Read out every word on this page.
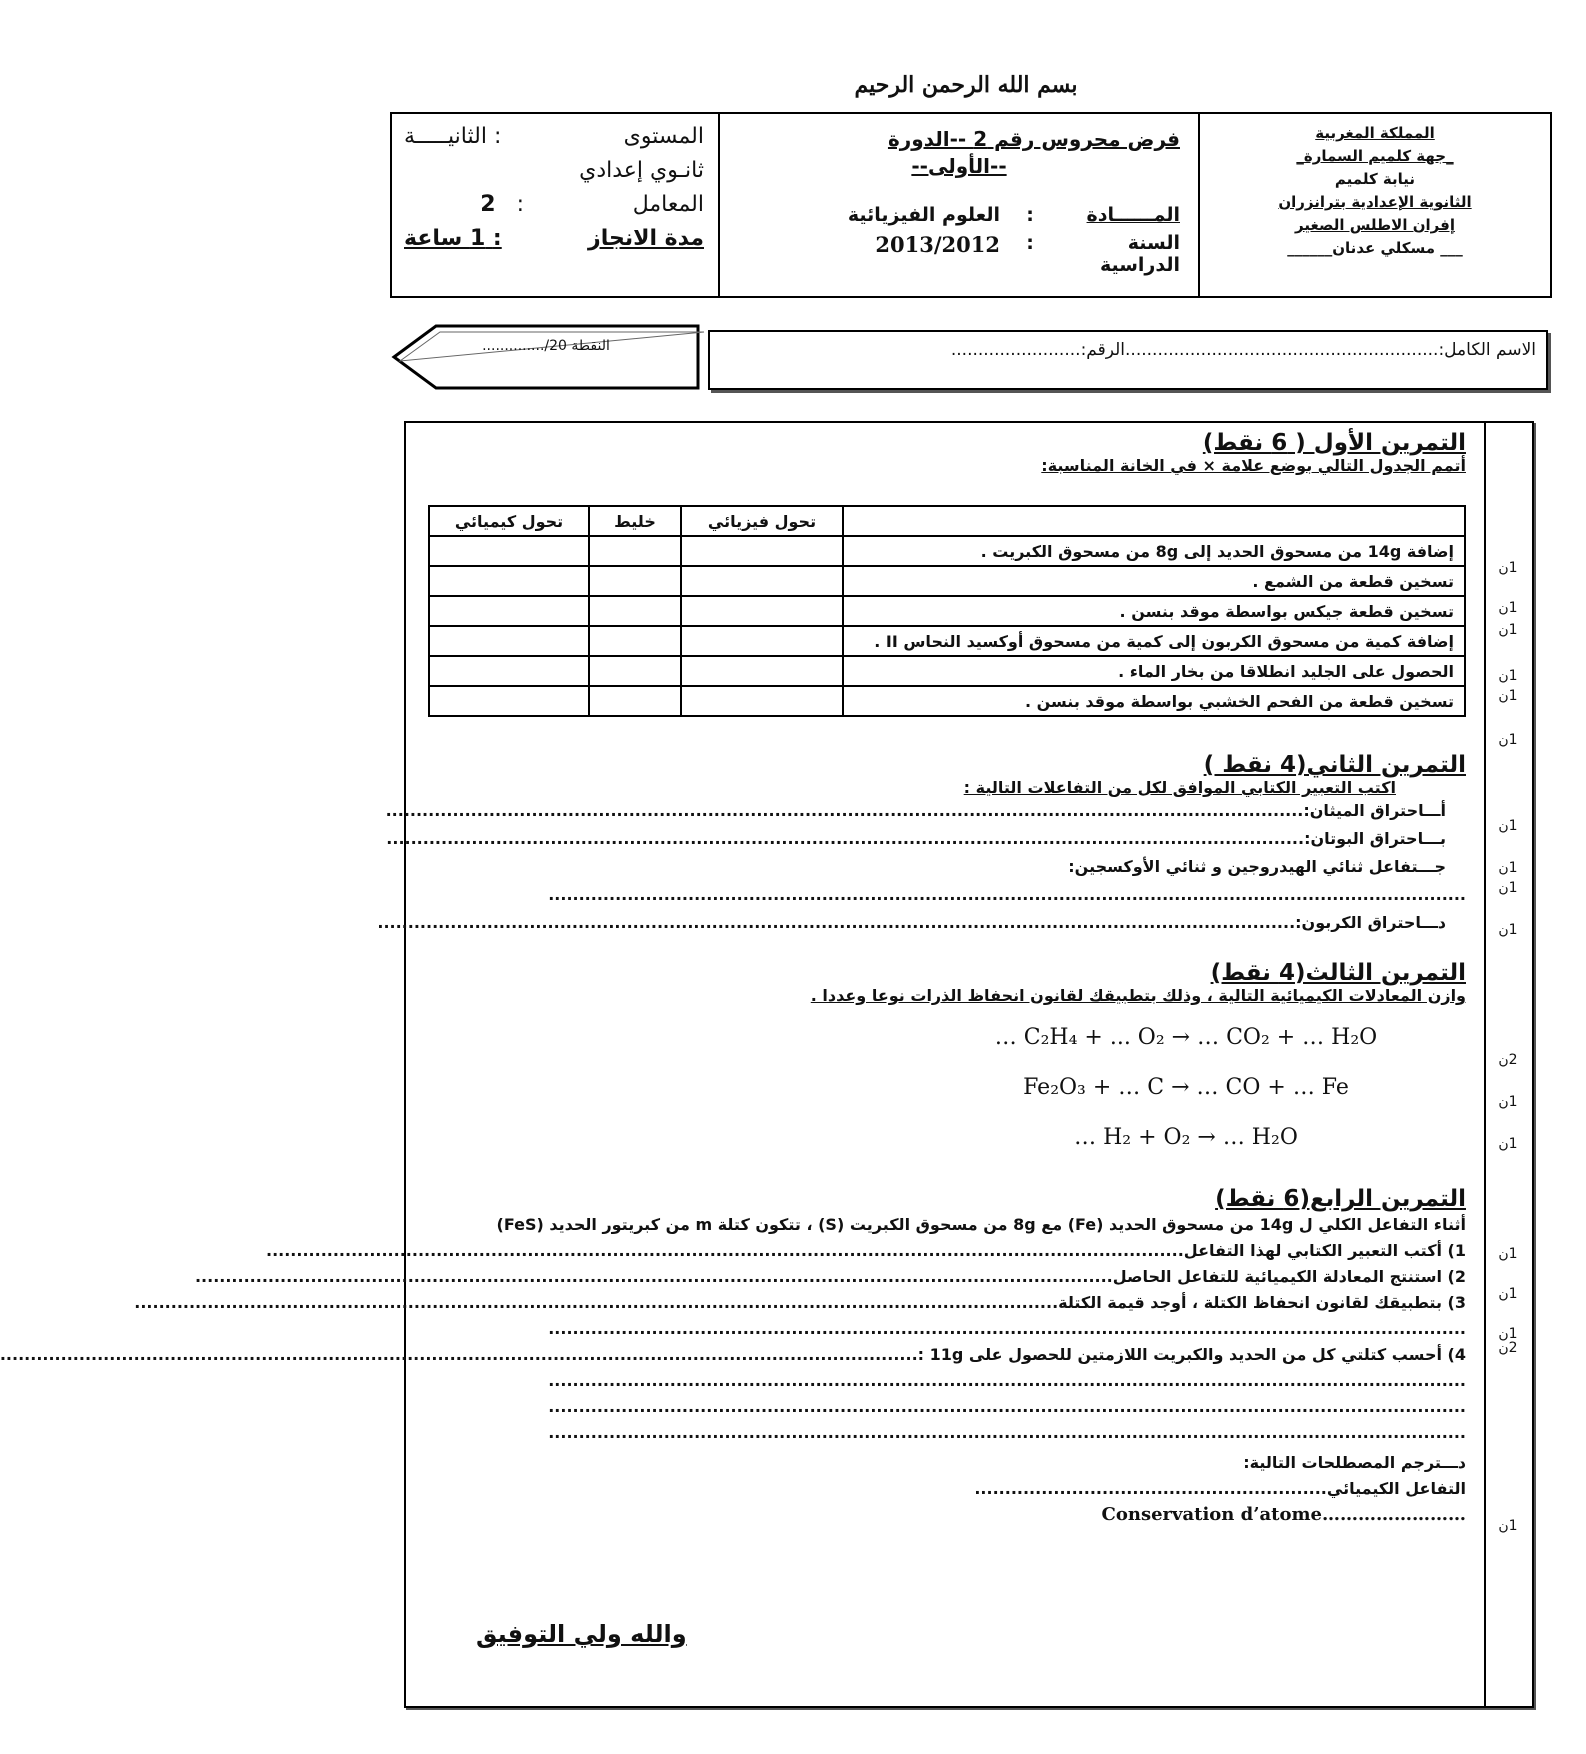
بسم الله الرحمن الرحيم
المملكة المغربية
_جهة كلميم السمارة_
نيابة كلميم
الثانوية الإعدادية بترانزران
إفران الاطلس الصغير
___ مسكلي عدنان______
فرض محروس رقم 2 --الدورة
--الأولى--
المــــــادة
:
العلوم الفيزيائية
السنة الدراسية
:
2013/2012
المستوى
: الثانيـــــة
ثانـوي إعدادي
المعامل
:   2
مدة الانجاز
: 1 ساعة
النقطة 20/..............	الاسم الكامل:..........................................................الرقم:........................
1ن
1ن
1ن
1ن
1ن
1ن
1ن
1ن
1ن
1ن
2ن
1ن
1ن
1ن
1ن
1ن
2ن
1ن
التمرين الأول ( 6 نقط)
أتمم الجدول التالي بوضع علامة × في الخانة المناسبة:
	تحول فيزيائي	خليط	تحول كيميائي
إضافة 14g من مسحوق الحديد إلى 8g من مسحوق الكبريت .			
تسخين قطعة من الشمع .			
تسخين قطعة جيكس بواسطة موقد بنسن .			
إضافة كمية من مسحوق الكربون إلى كمية من مسحوق أوكسيد النحاس II .			
الحصول على الجليد انطلاقا من بخار الماء .			
تسخين قطعة من الفحم الخشبي بواسطة موقد بنسن .			
التمرين الثاني(4 نقط )
اكتب التعبير الكتابي الموافق لكل من التفاعلات التالية :
أـــاحتراق الميثان:.......................................................................................................................................................
بـــاحتراق البوتان:.......................................................................................................................................................
جـــتفاعل ثنائي الهيدروجين و ثنائي الأوكسجين:
.......................................................................................................................................................
دـــاحتراق الكربون:.......................................................................................................................................................
التمرين الثالث(4 نقط)
وازن المعادلات الكيميائية التالية ، وذلك بتطبيقك لقانون انحفاظ الذرات نوعا وعددا .
… C₂H₄ + ... O₂ → … CO₂ + … H₂O
Fe₂O₃ + … C → … CO + … Fe
… H₂ + O₂ → … H₂O
التمرين الرابع(6 نقط)
أثناء التفاعل الكلي ل 14g من مسحوق الحديد (Fe) مع 8g من مسحوق الكبريت (S) ، تتكون كتلة m من كبريتور الحديد (FeS)
1) أكتب التعبير الكتابي لهذا التفاعل.......................................................................................................................................................
2) استنتج المعادلة الكيميائية للتفاعل الحاصل.......................................................................................................................................................
3) بتطبيقك لقانون انحفاظ الكتلة ، أوجد قيمة الكتلة........................................................................................................................................................
.......................................................................................................................................................
4) أحسب كتلتي كل من الحديد والكبريت اللازمتين للحصول على 11g :.......................................................................................................................................................
.......................................................................................................................................................
.......................................................................................................................................................
.......................................................................................................................................................
دـــترجم المصطلحات التالية:
التفاعل الكيميائي..........................................................
Conservation d’atome……………………
والله ولي التوفيق
